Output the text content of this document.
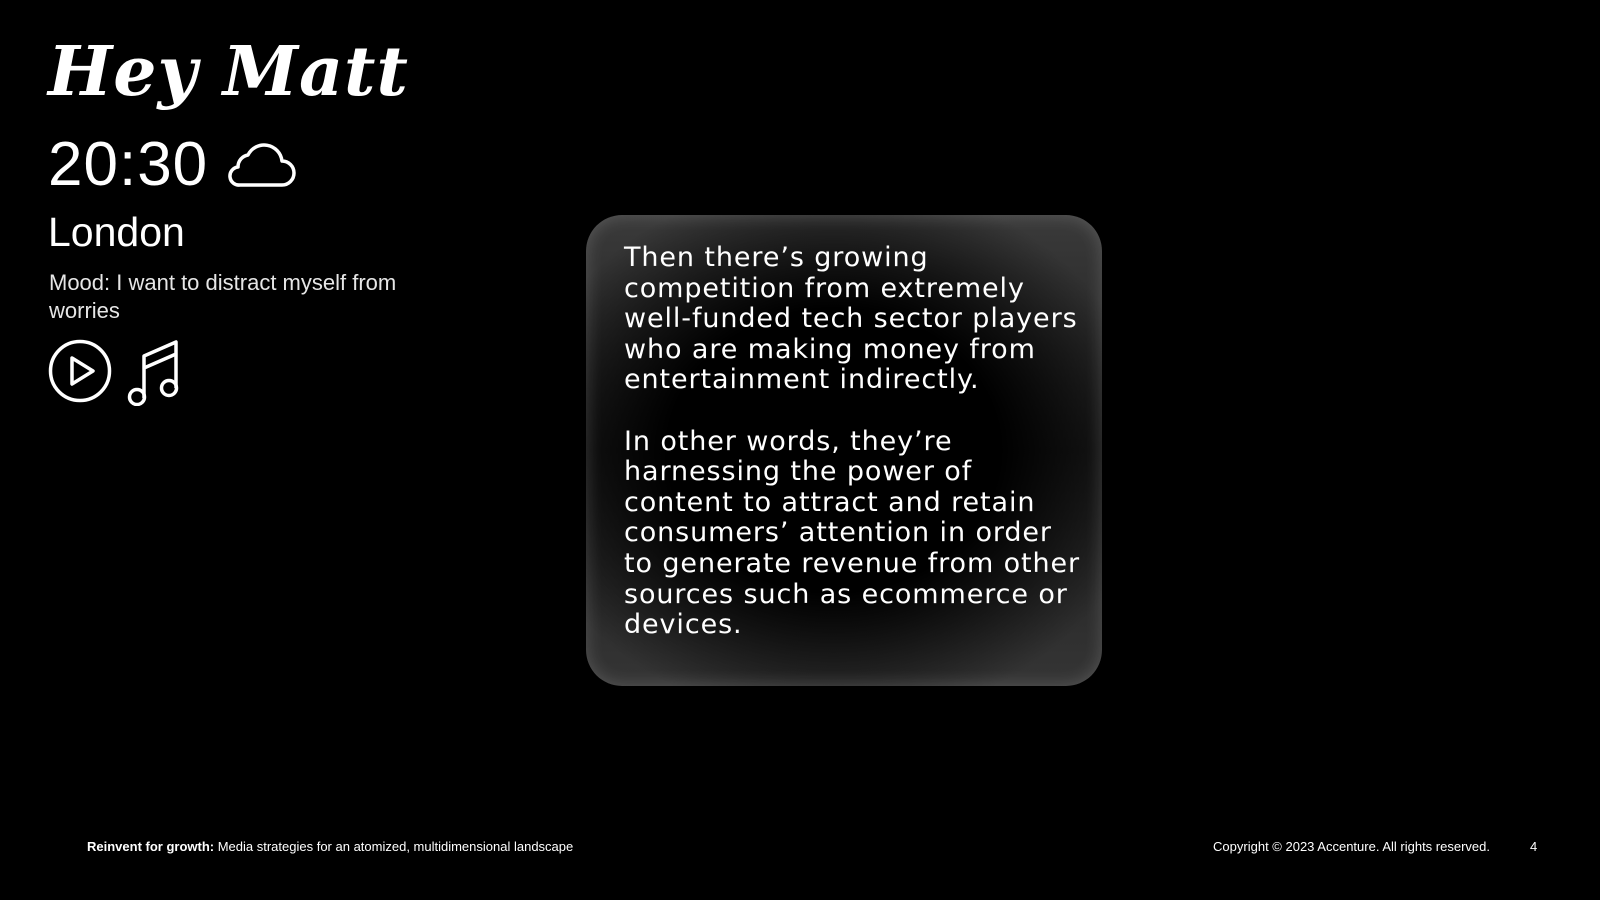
Hey Matt
20:30
London
Mood: I want to distract myself from worries

Then there’s growing competition from extremely well-funded tech sector players who are making money from entertainment indirectly.

In other words, they’re harnessing the power of content to attract and retain consumers’ attention in order to generate revenue from other sources such as ecommerce or devices.

Reinvent for growth: Media strategies for an atomized, multidimensional landscape	Copyright © 2023 Accenture. All rights reserved.	4
